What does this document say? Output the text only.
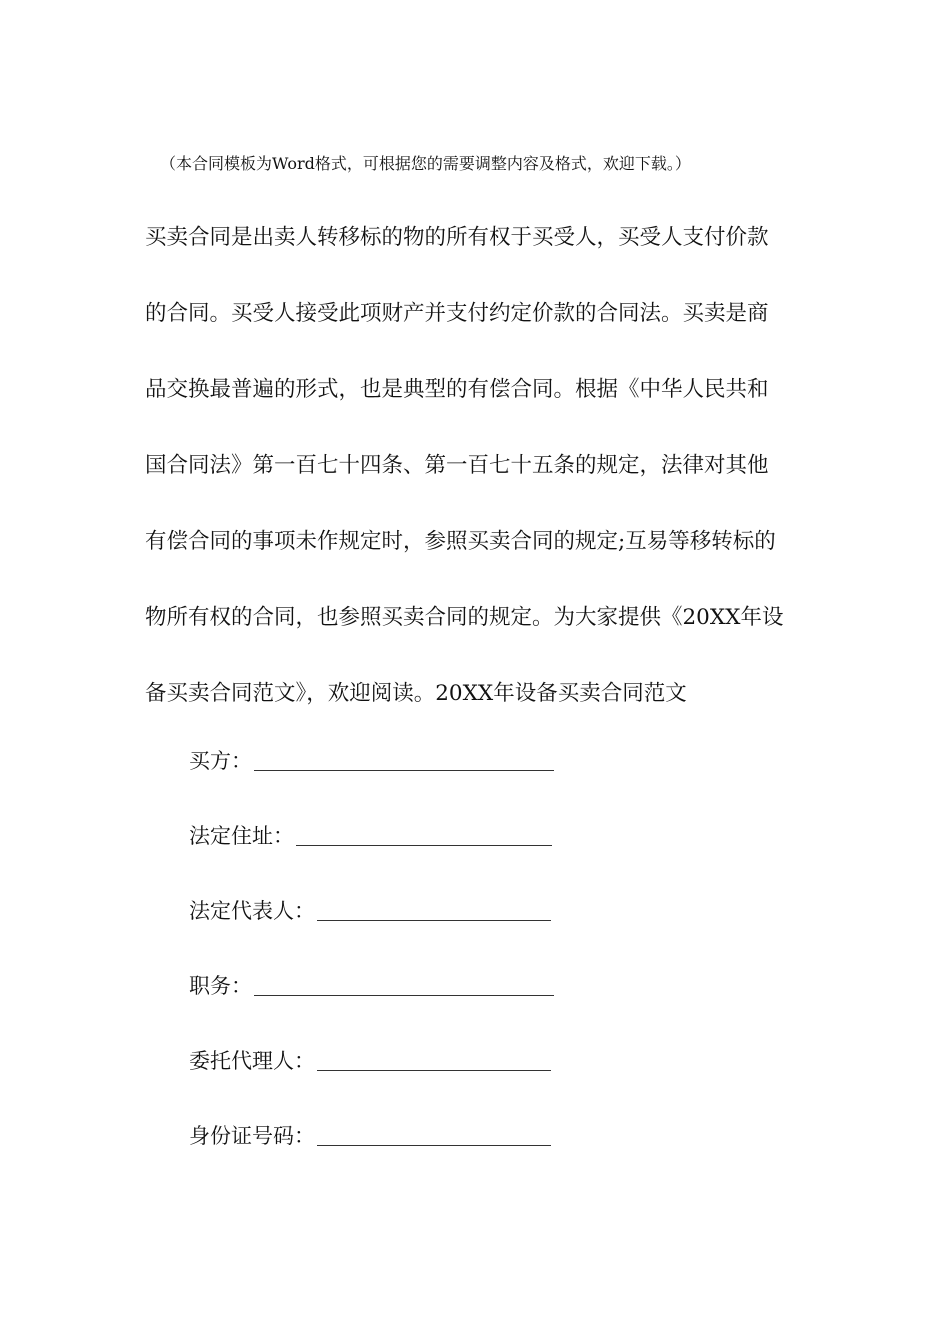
（本合同模板为Word格式，可根据您的需要调整内容及格式，欢迎下载。）
买卖合同是出卖人转移标的物的所有权于买受人，买受人支付价款
的合同。买受人接受此项财产并支付约定价款的合同法。买卖是商
品交换最普遍的形式，也是典型的有偿合同。根据《中华人民共和
国合同法》第一百七十四条、第一百七十五条的规定，法律对其他
有偿合同的事项未作规定时，参照买卖合同的规定;互易等移转标的
物所有权的合同，也参照买卖合同的规定。为大家提供《20XX年设
备买卖合同范文》，欢迎阅读。20XX年设备买卖合同范文
买方：
法定住址：
法定代表人：
职务：
委托代理人：
身份证号码：
